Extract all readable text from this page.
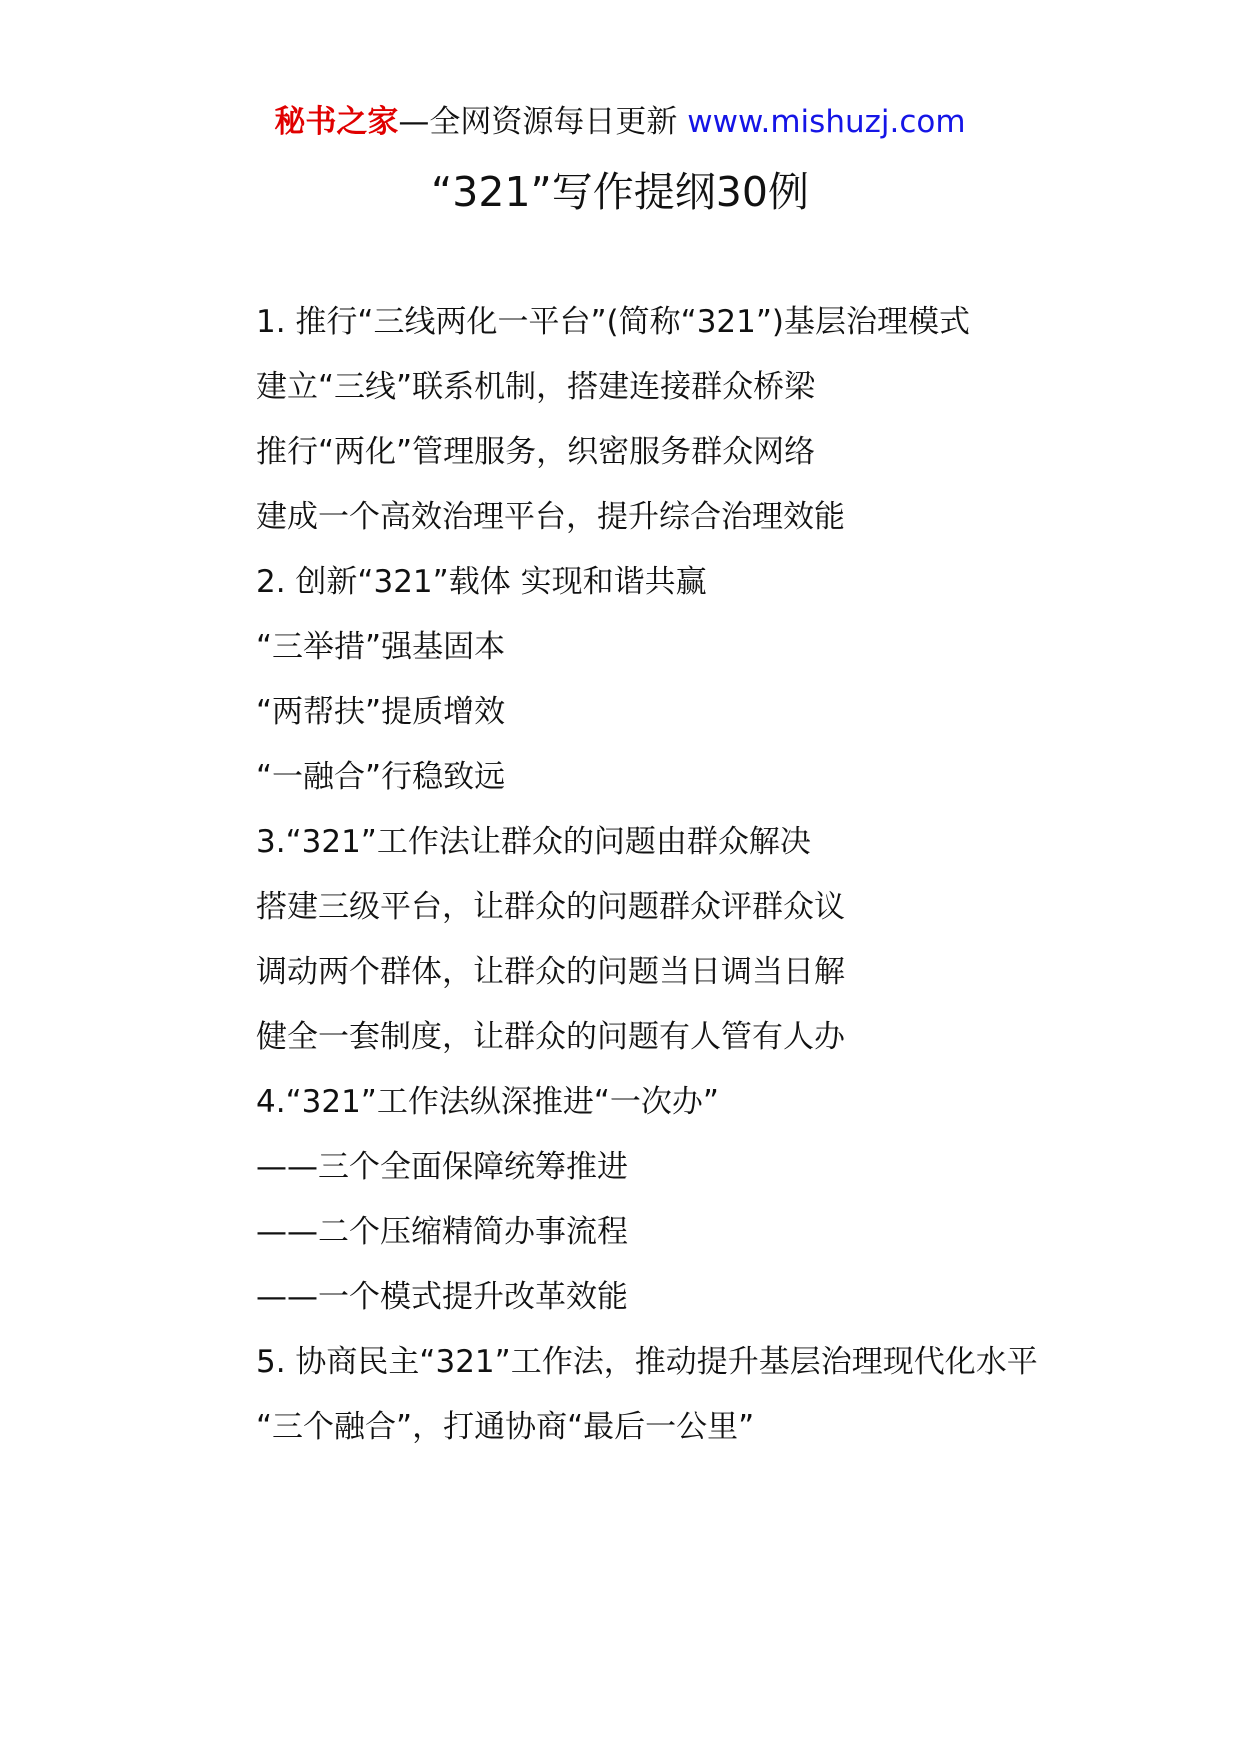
秘书之家—全网资源每日更新 www.mishuzj.com
“321”写作提纲30例

1. 推行“三线两化一平台”(简称“321”)基层治理模式

建立“三线”联系机制，搭建连接群众桥梁

推行“两化”管理服务，织密服务群众网络

建成一个高效治理平台，提升综合治理效能

2. 创新“321”载体 实现和谐共赢

“三举措”强基固本

“两帮扶”提质增效

“一融合”行稳致远

3.“321”工作法让群众的问题由群众解决

搭建三级平台，让群众的问题群众评群众议

调动两个群体，让群众的问题当日调当日解

健全一套制度，让群众的问题有人管有人办

4.“321”工作法纵深推进“一次办”

——三个全面保障统筹推进

——二个压缩精简办事流程

——一个模式提升改革效能

5. 协商民主“321”工作法，推动提升基层治理现代化水平

“三个融合”，打通协商“最后一公里”
